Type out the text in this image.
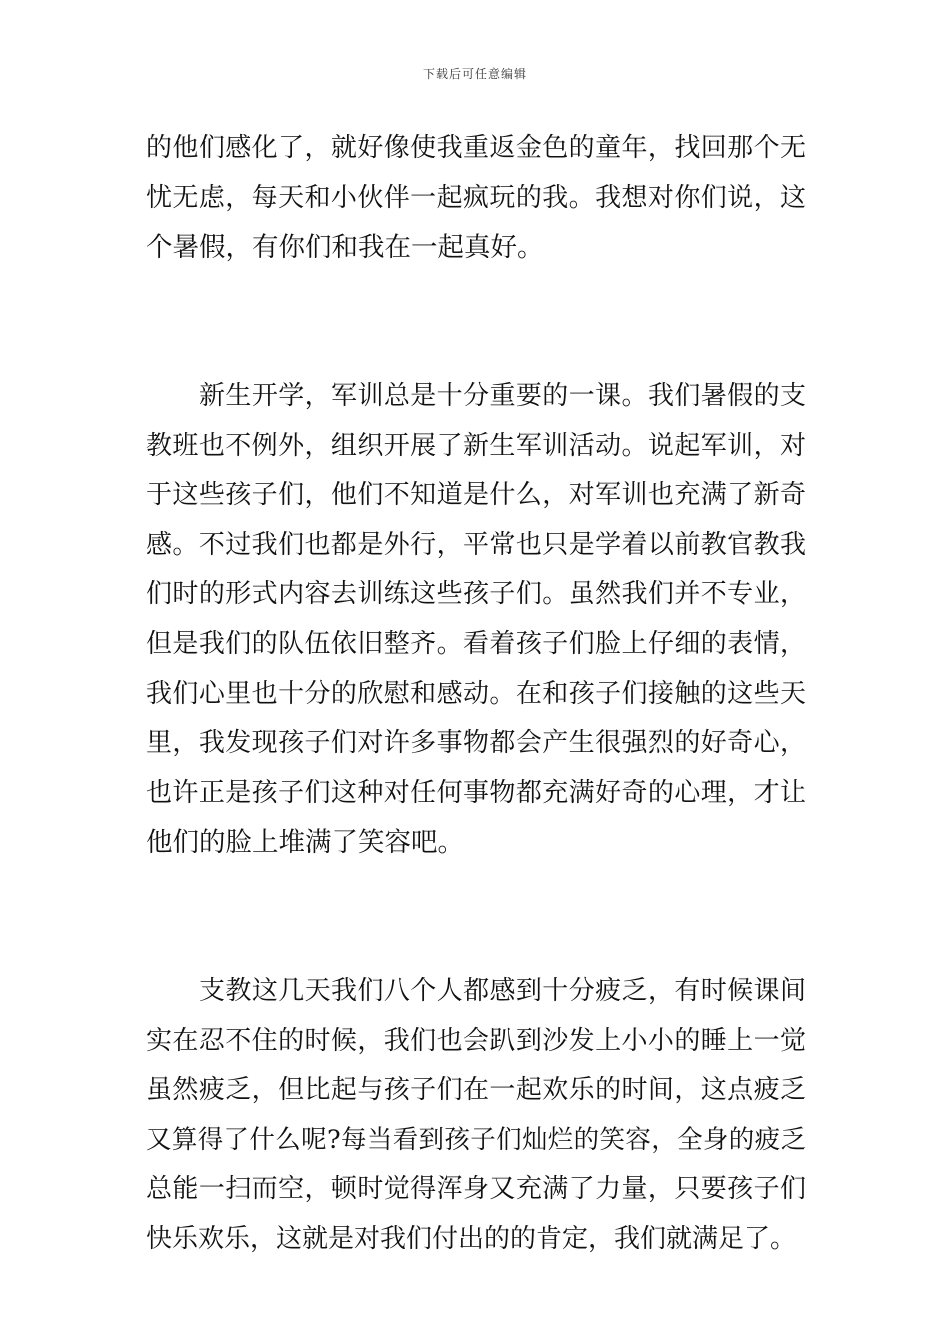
下载后可任意编辑
的他们感化了，就好像使我重返金色的童年，找回那个无
忧无虑，每天和小伙伴一起疯玩的我。我想对你们说，这
个暑假，有你们和我在一起真好。
新生开学，军训总是十分重要的一课。我们暑假的支
教班也不例外，组织开展了新生军训活动。说起军训，对
于这些孩子们，他们不知道是什么，对军训也充满了新奇
感。不过我们也都是外行，平常也只是学着以前教官教我
们时的形式内容去训练这些孩子们。虽然我们并不专业，
但是我们的队伍依旧整齐。看着孩子们脸上仔细的表情，
我们心里也十分的欣慰和感动。在和孩子们接触的这些天
里，我发现孩子们对许多事物都会产生很强烈的好奇心，
也许正是孩子们这种对任何事物都充满好奇的心理，才让
他们的脸上堆满了笑容吧。
支教这几天我们八个人都感到十分疲乏，有时候课间
实在忍不住的时候，我们也会趴到沙发上小小的睡上一觉
虽然疲乏，但比起与孩子们在一起欢乐的时间，这点疲乏
又算得了什么呢?每当看到孩子们灿烂的笑容，全身的疲乏
总能一扫而空，顿时觉得浑身又充满了力量，只要孩子们
快乐欢乐，这就是对我们付出的的肯定，我们就满足了。
